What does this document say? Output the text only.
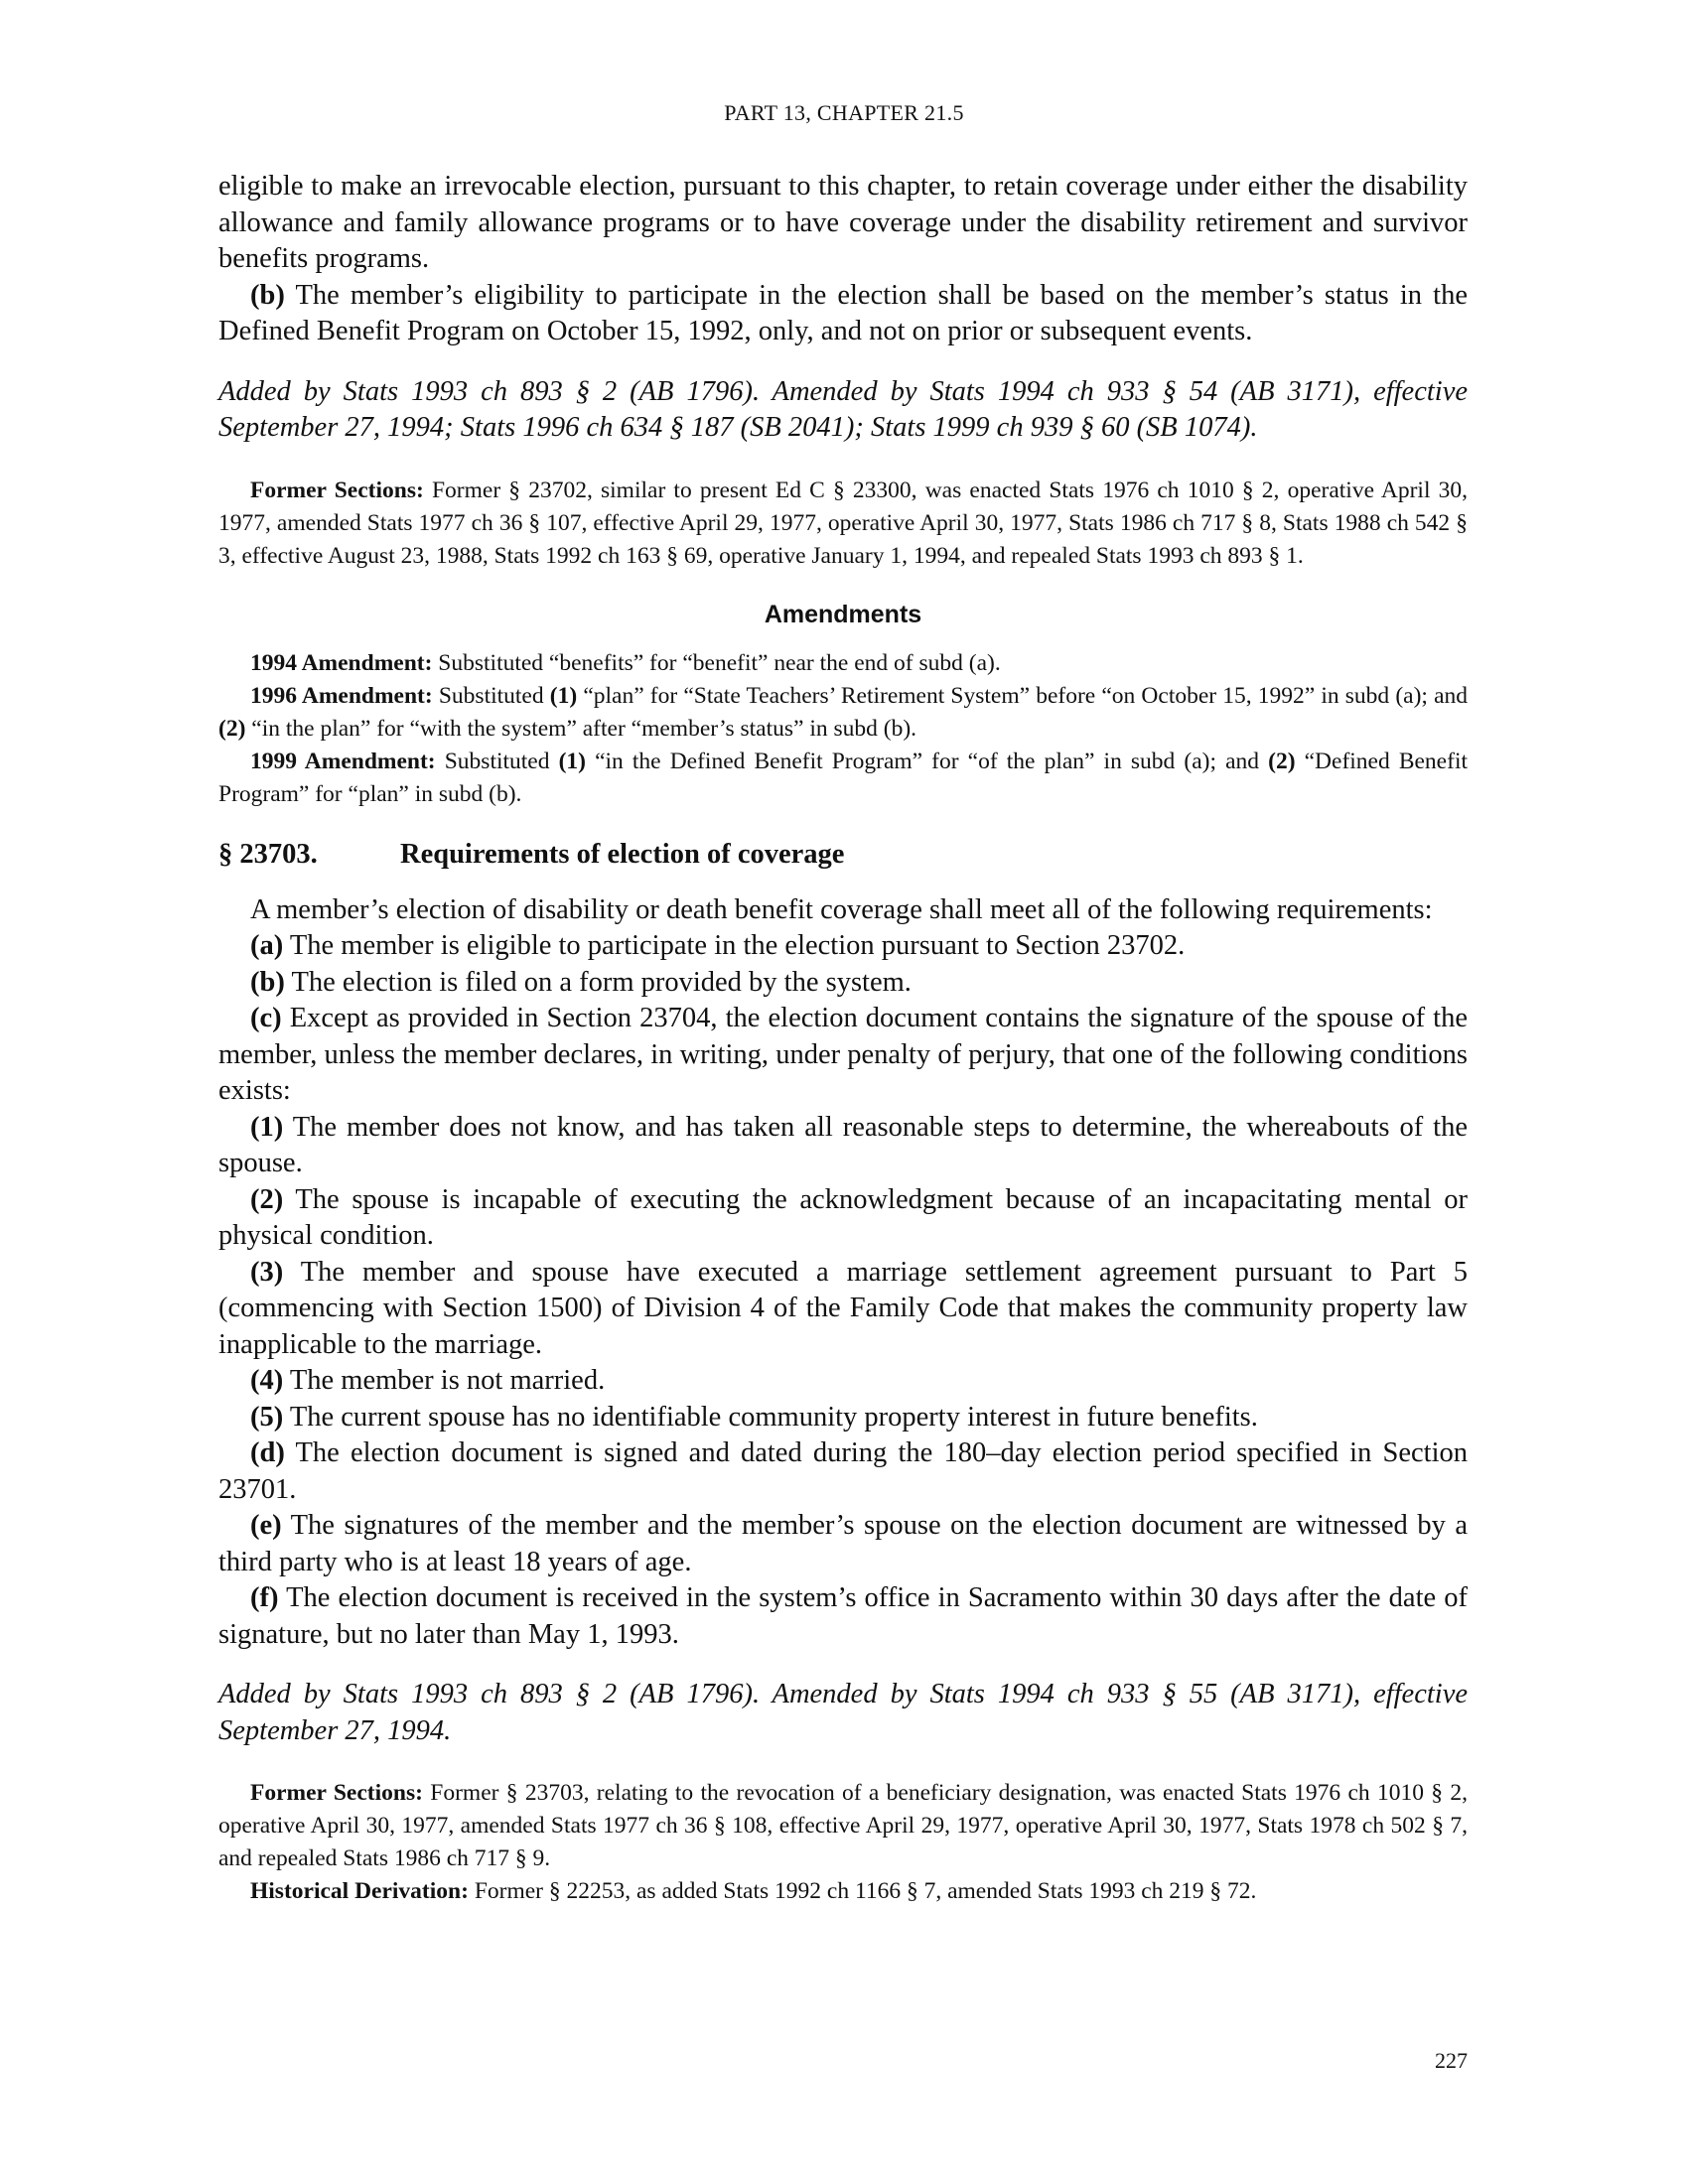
PART 13, CHAPTER 21.5

eligible to make an irrevocable election, pursuant to this chapter, to retain coverage under either the disability allowance and family allowance programs or to have coverage under the disability retirement and survivor benefits programs.

(b) The member’s eligibility to participate in the election shall be based on the member’s status in the Defined Benefit Program on October 15, 1992, only, and not on prior or subsequent events.

Added by Stats 1993 ch 893 § 2 (AB 1796). Amended by Stats 1994 ch 933 § 54 (AB 3171), effective September 27, 1994; Stats 1996 ch 634 § 187 (SB 2041); Stats 1999 ch 939 § 60 (SB 1074).

Former Sections: Former § 23702, similar to present Ed C § 23300, was enacted Stats 1976 ch 1010 § 2, operative April 30, 1977, amended Stats 1977 ch 36 § 107, effective April 29, 1977, operative April 30, 1977, Stats 1986 ch 717 § 8, Stats 1988 ch 542 § 3, effective August 23, 1988, Stats 1992 ch 163 § 69, operative January 1, 1994, and repealed Stats 1993 ch 893 § 1.

Amendments

1994 Amendment: Substituted “benefits” for “benefit” near the end of subd (a).

1996 Amendment: Substituted (1) “plan” for “State Teachers’ Retirement System” before “on October 15, 1992” in subd (a); and (2) “in the plan” for “with the system” after “member’s status” in subd (b).

1999 Amendment: Substituted (1) “in the Defined Benefit Program” for “of the plan” in subd (a); and (2) “Defined Benefit Program” for “plan” in subd (b).

§ 23703.	Requirements of election of coverage

A member’s election of disability or death benefit coverage shall meet all of the following requirements:

(a) The member is eligible to participate in the election pursuant to Section 23702.

(b) The election is filed on a form provided by the system.

(c) Except as provided in Section 23704, the election document contains the signature of the spouse of the member, unless the member declares, in writing, under penalty of perjury, that one of the following conditions exists:

(1) The member does not know, and has taken all reasonable steps to determine, the whereabouts of the spouse.

(2) The spouse is incapable of executing the acknowledgment because of an incapacitating mental or physical condition.

(3) The member and spouse have executed a marriage settlement agreement pursuant to Part 5 (commencing with Section 1500) of Division 4 of the Family Code that makes the community property law inapplicable to the marriage.

(4) The member is not married.

(5) The current spouse has no identifiable community property interest in future benefits.

(d) The election document is signed and dated during the 180–day election period specified in Section 23701.

(e) The signatures of the member and the member’s spouse on the election document are witnessed by a third party who is at least 18 years of age.

(f) The election document is received in the system’s office in Sacramento within 30 days after the date of signature, but no later than May 1, 1993.

Added by Stats 1993 ch 893 § 2 (AB 1796). Amended by Stats 1994 ch 933 § 55 (AB 3171), effective September 27, 1994.

Former Sections: Former § 23703, relating to the revocation of a beneficiary designation, was enacted Stats 1976 ch 1010 § 2, operative April 30, 1977, amended Stats 1977 ch 36 § 108, effective April 29, 1977, operative April 30, 1977, Stats 1978 ch 502 § 7, and repealed Stats 1986 ch 717 § 9.

Historical Derivation: Former § 22253, as added Stats 1992 ch 1166 § 7, amended Stats 1993 ch 219 § 72.

227
